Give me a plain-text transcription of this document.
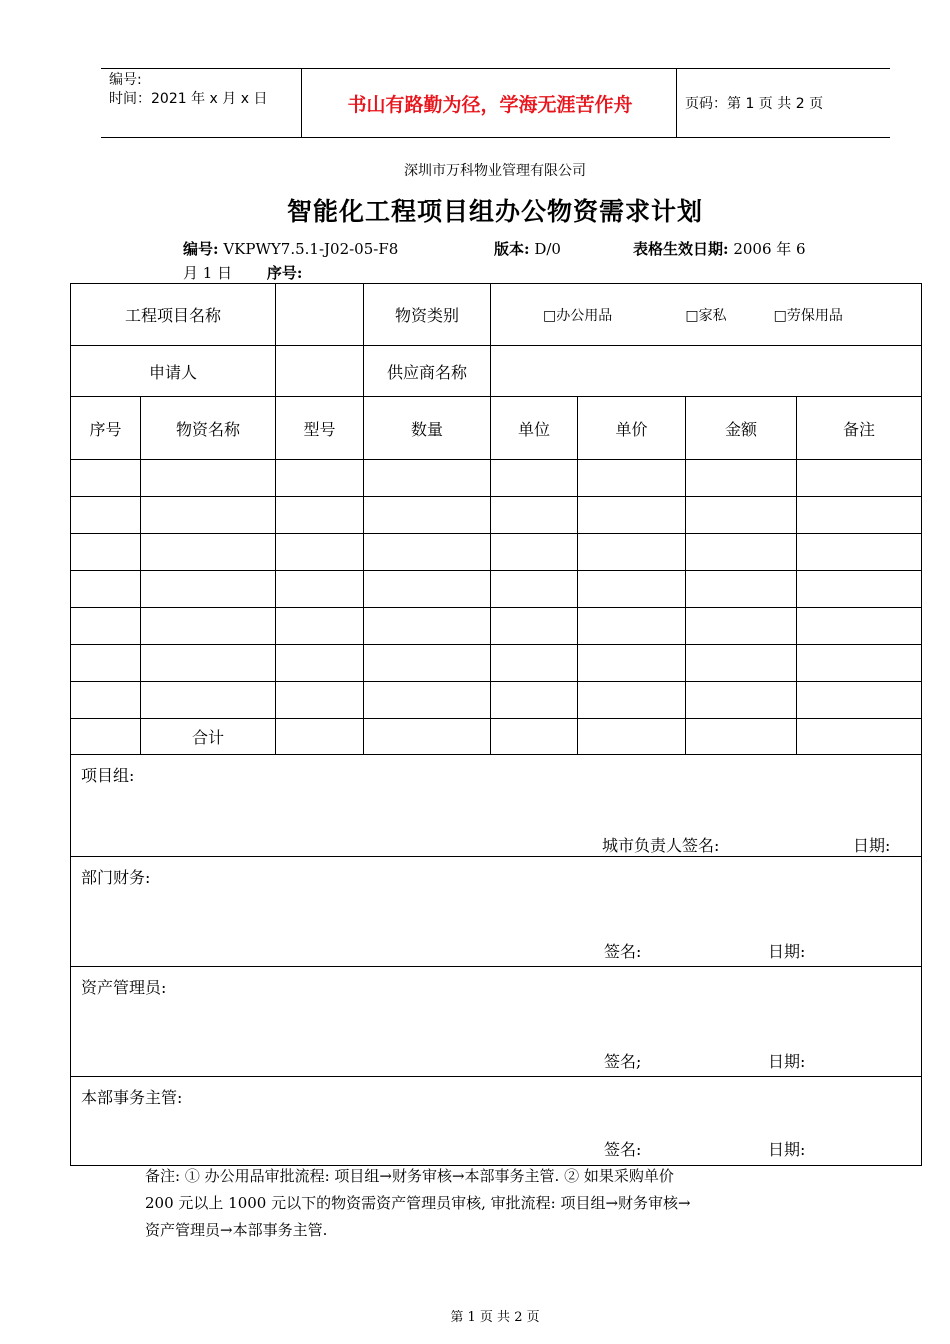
编号:
时间：2021 年 x 月 x 日	书山有路勤为径，学海无涯苦作舟	页码：第 1 页 共 2 页
深圳市万科物业管理有限公司
智能化工程项目组办公物资需求计划
编号: VKPWY7.5.1-J02-05-F8	版本: D/0	表格生效日期: 2006 年 6
月 1 日 序号:
工程项目名称			物资类别	□办公用品 □家私 □劳保用品			
申请人			供应商名称				
序号	物资名称	型号	数量	单位	单价	金额	备注

	合计						

项目组:
城市负责人签名: 日期:							

部门财务:
签名: 日期:							

资产管理员:
签名; 日期:							

本部事务主管:
签名: 日期:							
备注: ① 办公用品审批流程: 项目组→财务审核→本部事务主管. ② 如果采购单价
200 元以上 1000 元以下的物资需资产管理员审核, 审批流程: 项目组→财务审核→
资产管理员→本部事务主管.
第 1 页 共 2 页
